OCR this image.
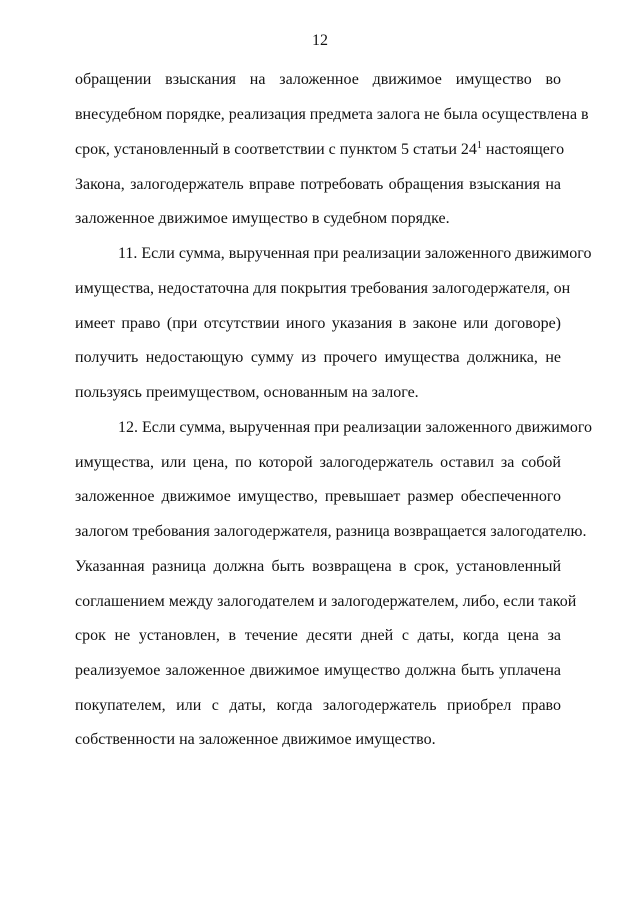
12
обращении взыскания на заложенное движимое имущество во
внесудебном порядке, реализация предмета залога не была осуществлена в
срок, установленный в соответствии с пунктом 5 статьи $24^1$ настоящего
Закона, залогодержатель вправе потребовать обращения взыскания на
заложенное движимое имущество в судебном порядке.
11. Если сумма, вырученная при реализации заложенного движимого
имущества, недостаточна для покрытия требования залогодержателя, он
имеет право (при отсутствии иного указания в законе или договоре)
получить недостающую сумму из прочего имущества должника, не
пользуясь преимуществом, основанным на залоге.
12. Если сумма, вырученная при реализации заложенного движимого
имущества, или цена, по которой залогодержатель оставил за собой
заложенное движимое имущество, превышает размер обеспеченного
залогом требования залогодержателя, разница возвращается залогодателю.
Указанная разница должна быть возвращена в срок, установленный
соглашением между залогодателем и залогодержателем, либо, если такой
срок не установлен, в течение десяти дней с даты, когда цена за
реализуемое заложенное движимое имущество должна быть уплачена
покупателем, или с даты, когда залогодержатель приобрел право
собственности на заложенное движимое имущество.
